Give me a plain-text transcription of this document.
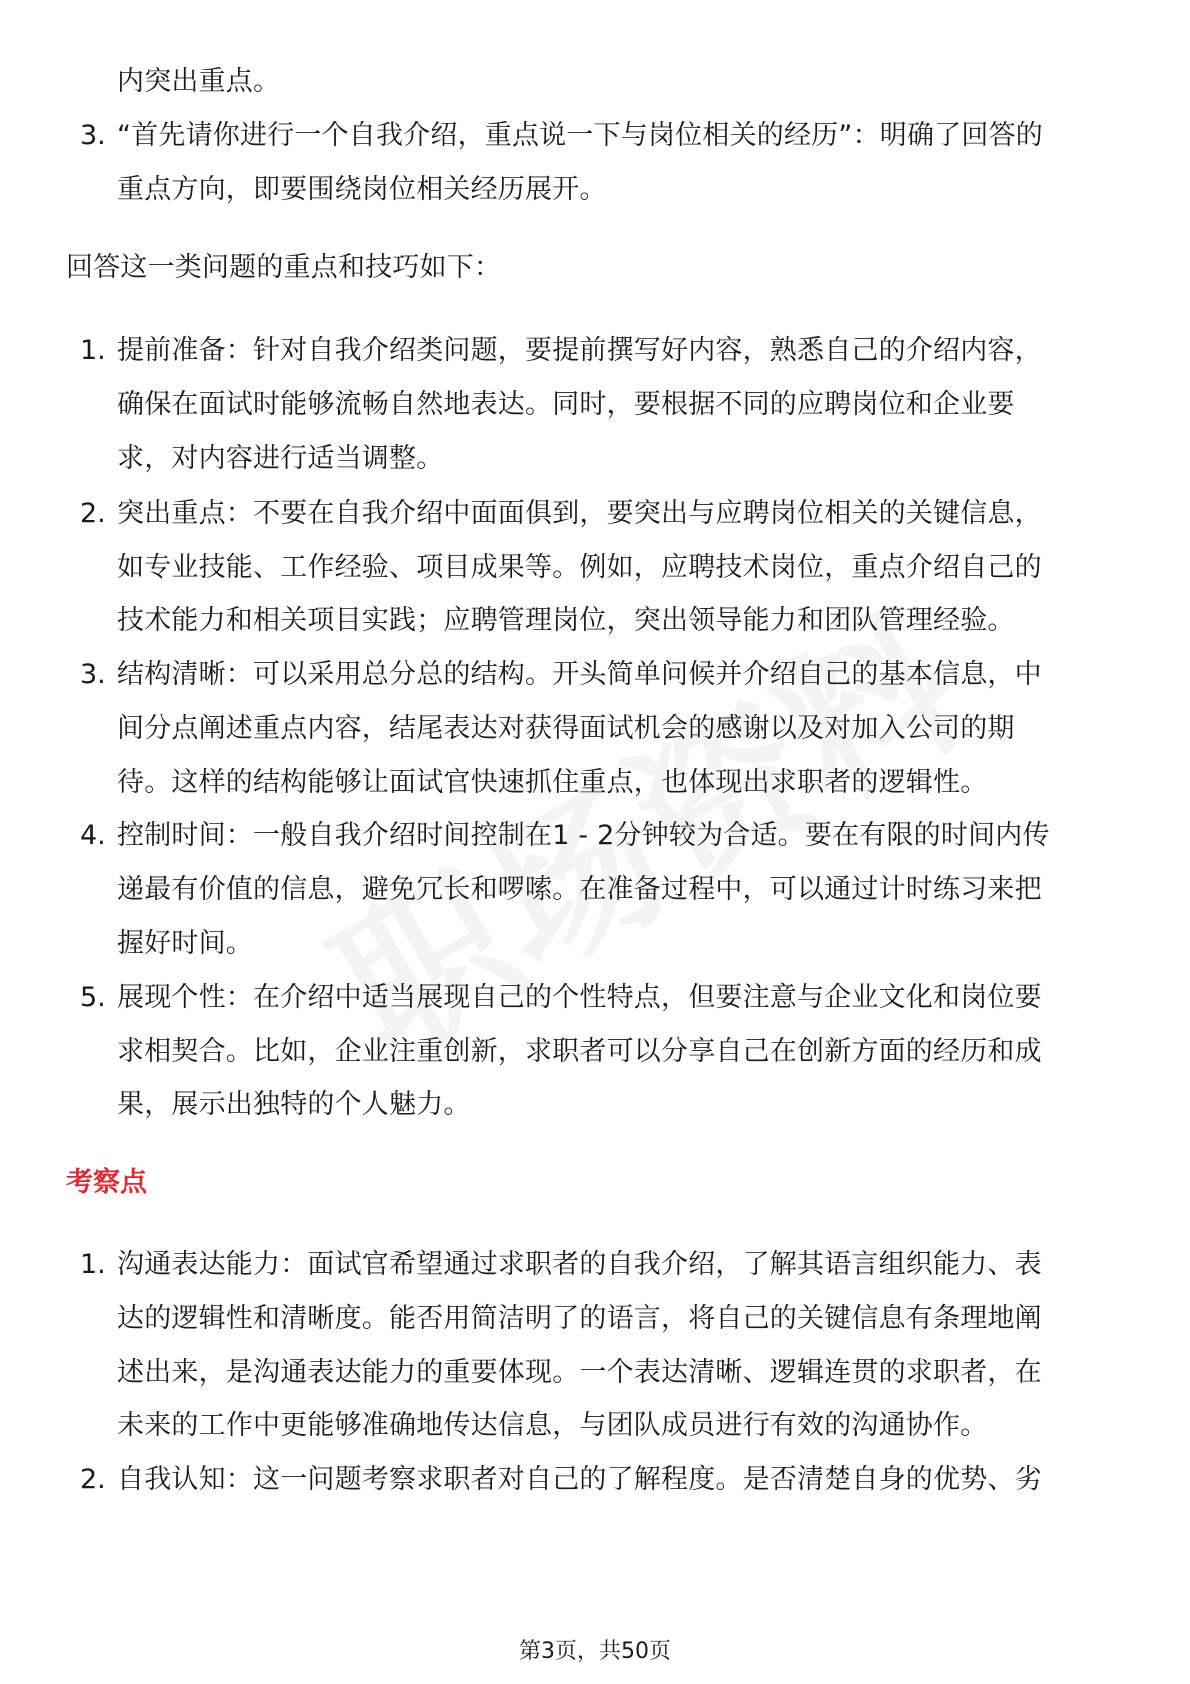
内突出重点。
3. “首先请你进行一个自我介绍，重点说一下与岗位相关的经历”：明确了回答的
重点方向，即要围绕岗位相关经历展开。
回答这一类问题的重点和技巧如下：
1. 提前准备：针对自我介绍类问题，要提前撰写好内容，熟悉自己的介绍内容，
确保在面试时能够流畅自然地表达。同时，要根据不同的应聘岗位和企业要
求，对内容进行适当调整。
2. 突出重点：不要在自我介绍中面面俱到，要突出与应聘岗位相关的关键信息，
如专业技能、工作经验、项目成果等。例如，应聘技术岗位，重点介绍自己的
技术能力和相关项目实践；应聘管理岗位，突出领导能力和团队管理经验。
3. 结构清晰：可以采用总分总的结构。开头简单问候并介绍自己的基本信息，中
间分点阐述重点内容，结尾表达对获得面试机会的感谢以及对加入公司的期
待。这样的结构能够让面试官快速抓住重点，也体现出求职者的逻辑性。
4. 控制时间：一般自我介绍时间控制在1 - 2分钟较为合适。要在有限的时间内传
递最有价值的信息，避免冗长和啰嗦。在准备过程中，可以通过计时练习来把
握好时间。
5. 展现个性：在介绍中适当展现自己的个性特点，但要注意与企业文化和岗位要
求相契合。比如，企业注重创新，求职者可以分享自己在创新方面的经历和成
果，展示出独特的个人魅力。
考察点
1. 沟通表达能力：面试官希望通过求职者的自我介绍，了解其语言组织能力、表
达的逻辑性和清晰度。能否用简洁明了的语言，将自己的关键信息有条理地阐
述出来，是沟通表达能力的重要体现。一个表达清晰、逻辑连贯的求职者，在
未来的工作中更能够准确地传达信息，与团队成员进行有效的沟通协作。
2. 自我认知：这一问题考察求职者对自己的了解程度。是否清楚自身的优势、劣
第3页，共50页
